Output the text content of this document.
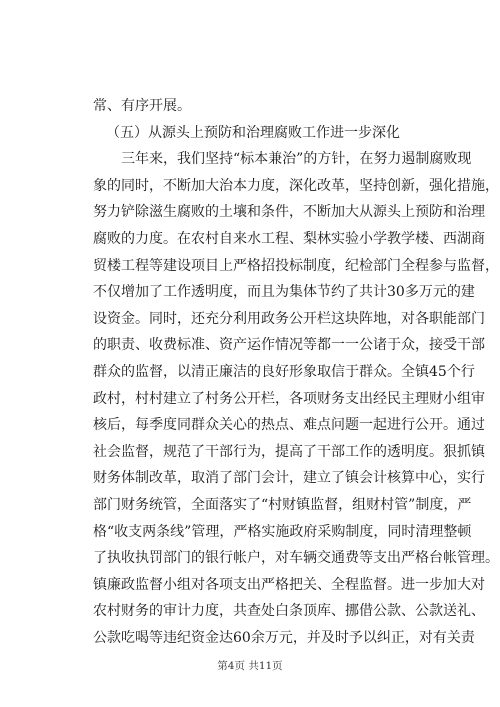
常、有序开展。
（五）从源头上预防和治理腐败工作进一步深化
三年来，我们坚持“标本兼治”的方针，在努力遏制腐败现
象的同时，不断加大治本力度，深化改革，坚持创新，强化措施，
努力铲除滋生腐败的土壤和条件，不断加大从源头上预防和治理
腐败的力度。在农村自来水工程、梨林实验小学教学楼、西湖商
贸楼工程等建设项目上严格招投标制度，纪检部门全程参与监督，
不仅增加了工作透明度，而且为集体节约了共计30多万元的建
设资金。同时，还充分利用政务公开栏这块阵地，对各职能部门
的职责、收费标准、资产运作情况等都一一公诸于众，接受干部
群众的监督，以清正廉洁的良好形象取信于群众。全镇45个行
政村，村村建立了村务公开栏，各项财务支出经民主理财小组审
核后，每季度同群众关心的热点、难点问题一起进行公开。通过
社会监督，规范了干部行为，提高了干部工作的透明度。狠抓镇
财务体制改革，取消了部门会计，建立了镇会计核算中心，实行
部门财务统管，全面落实了“村财镇监督，组财村管”制度，严
格“收支两条线”管理，严格实施政府采购制度，同时清理整顿
了执收执罚部门的银行帐户，对车辆交通费等支出严格台帐管理。
镇廉政监督小组对各项支出严格把关、全程监督。进一步加大对
农村财务的审计力度，共查处白条顶库、挪借公款、公款送礼、
公款吃喝等违纪资金达60余万元，并及时予以纠正，对有关责
第4页 共11页
